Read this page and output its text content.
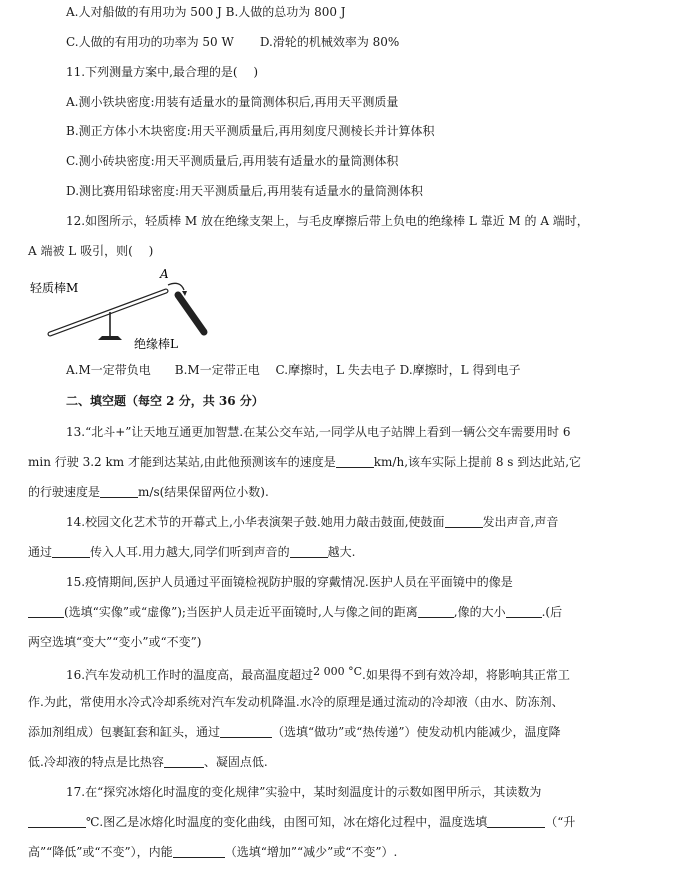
A.人对船做的有用功为 500 J B.人做的总功为 800 J
C.人做的有用功的功率为 50 W D.滑轮的机械效率为 80%
11.下列测量方案中,最合理的是(　 )
A.测小铁块密度:用装有适量水的量筒测体积后,再用天平测质量
B.测正方体小木块密度:用天平测质量后,再用刻度尺测棱长并计算体积
C.测小砖块密度:用天平测质量后,再用装有适量水的量筒测体积
D.测比赛用铅球密度:用天平测质量后,再用装有适量水的量筒测体积
12.如图所示，轻质棒 M 放在绝缘支架上，与毛皮摩擦后带上负电的绝缘棒 L 靠近 M 的 A 端时，
A 端被 L 吸引，则(　 )
轻质棒M
A
绝缘棒L
A.M一定带负电　　B.M一定带正电　 C.摩擦时，L 失去电子 D.摩擦时，L 得到电子
二、填空题（每空 2 分，共 36 分）
13.“北斗+”让天地互通更加智慧.在某公交车站,一同学从电子站牌上看到一辆公交车需要用时 6
min 行驶 3.2 km 才能到达某站,由此他预测该车的速度是	km/h,该车实际上提前 8 s 到达此站,它
的行驶速度是	m/s(结果保留两位小数).
14.校园文化艺术节的开幕式上,小华表演架子鼓.她用力敲击鼓面,使鼓面	发出声音,声音
通过	传入人耳.用力越大,同学们听到声音的	越大.
15.疫情期间,医护人员通过平面镜检视防护服的穿戴情况.医护人员在平面镜中的像是
(选填“实像”或“虚像”);当医护人员走近平面镜时,人与像之间的距离	,像的大小	.(后
两空选填“变大”“变小”或“不变”)
16.汽车发动机工作时的温度高，最高温度超过2 000 °C.如果得不到有效冷却，将影响其正常工
作.为此，常使用水冷式冷却系统对汽车发动机降温.水冷的原理是通过流动的冷却液（由水、防冻剂、
添加剂组成）包裹缸套和缸头，通过	（选填“做功”或“热传递”）使发动机内能减少，温度降
低.冷却液的特点是比热容	、凝固点低.
17.在“探究冰熔化时温度的变化规律”实验中，某时刻温度计的示数如图甲所示，其读数为
℃.图乙是冰熔化时温度的变化曲线，由图可知，冰在熔化过程中，温度选填	（“升
高”“降低”或“不变”），内能	（选填“增加”“减少”或“不变”）.
